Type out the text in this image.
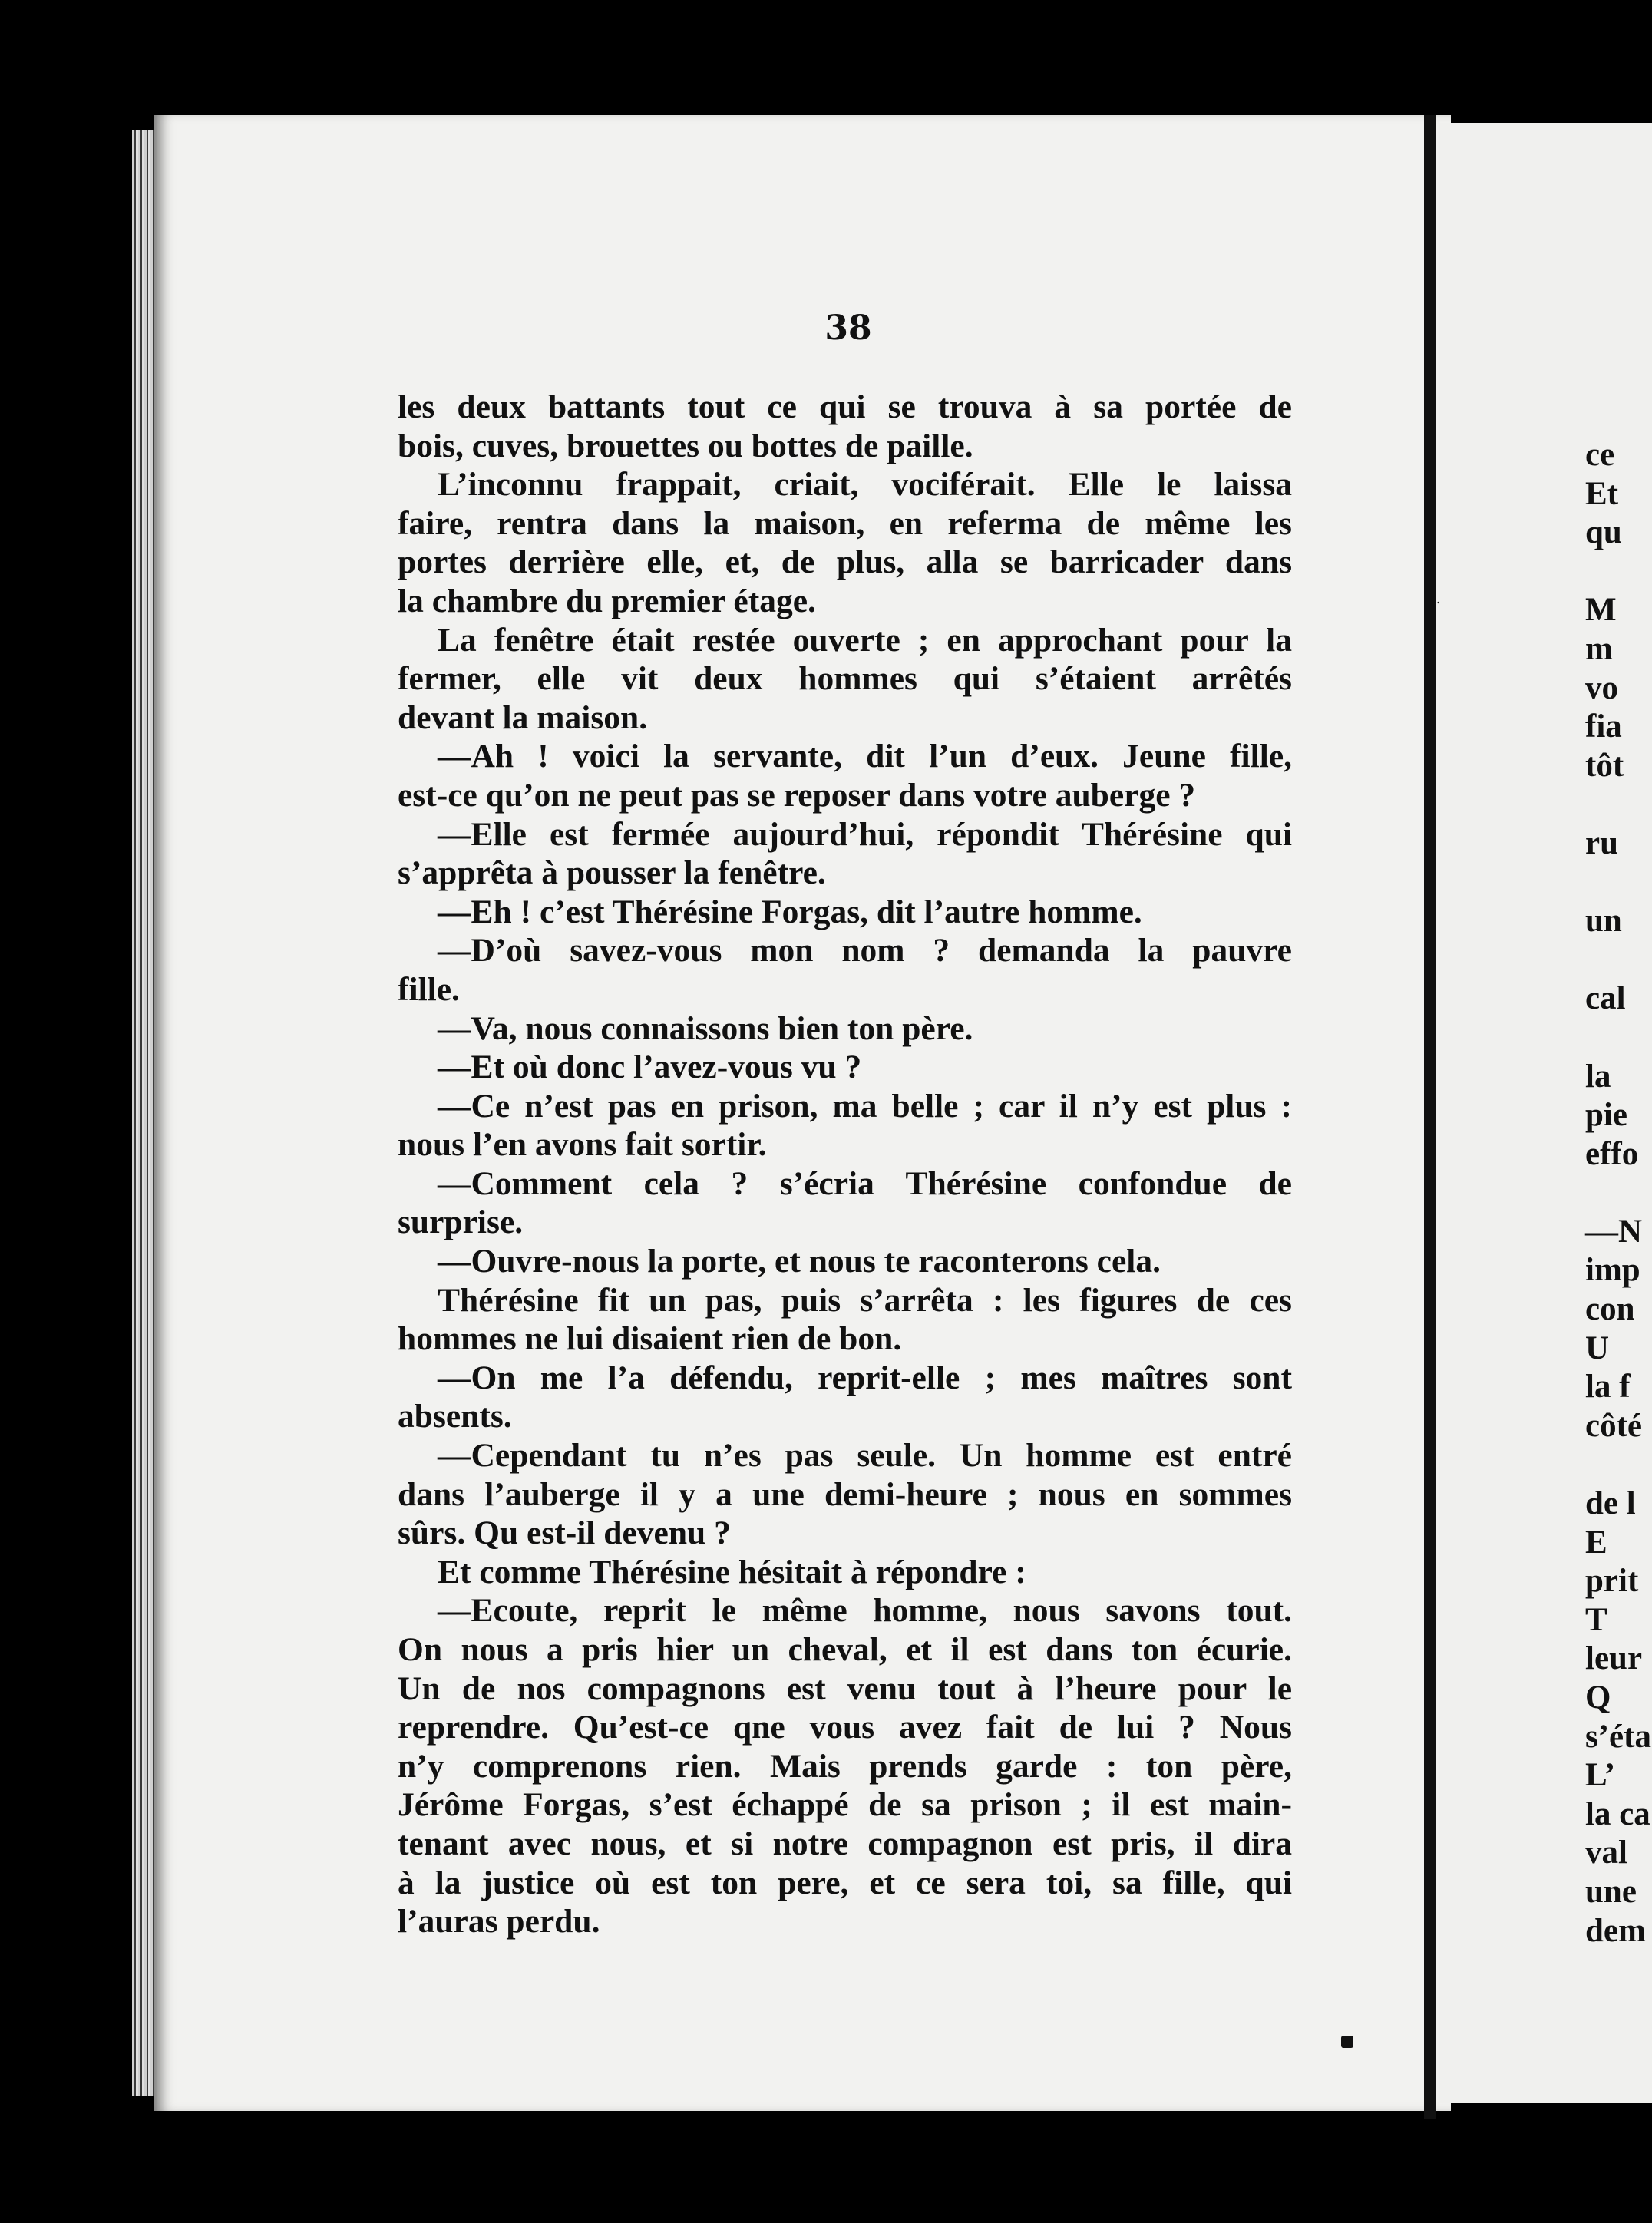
38
les deux battants tout ce qui se trouva à sa portée de
bois, cuves, brouettes ou bottes de paille.
L’inconnu frappait, criait, vociférait. Elle le laissa
faire, rentra dans la maison, en referma de même les
portes derrière elle, et, de plus, alla se barricader dans
la chambre du premier étage.
La fenêtre était restée ouverte ; en approchant pour la
fermer, elle vit deux hommes qui s’étaient arrêtés
devant la maison.
—Ah ! voici la servante, dit l’un d’eux. Jeune fille,
est-ce qu’on ne peut pas se reposer dans votre auberge ?
—Elle est fermée aujourd’hui, répondit Thérésine qui
s’apprêta à pousser la fenêtre.
—Eh ! c’est Thérésine Forgas, dit l’autre homme.
—D’où savez-vous mon nom ? demanda la pauvre
fille.
—Va, nous connaissons bien ton père.
—Et où donc l’avez-vous vu ?
—Ce n’est pas en prison, ma belle ; car il n’y est plus :
nous l’en avons fait sortir.
—Comment cela ? s’écria Thérésine confondue de
surprise.
—Ouvre-nous la porte, et nous te raconterons cela.
Thérésine fit un pas, puis s’arrêta : les figures de ces
hommes ne lui disaient rien de bon.
—On me l’a défendu, reprit-elle ; mes maîtres sont
absents.
—Cependant tu n’es pas seule. Un homme est entré
dans l’auberge il y a une demi-heure ; nous en sommes
sûrs. Qu est-il devenu ?
Et comme Thérésine hésitait à répondre :
—Ecoute, reprit le même homme, nous savons tout.
On nous a pris hier un cheval, et il est dans ton écurie.
Un de nos compagnons est venu tout à l’heure pour le
reprendre. Qu’est-ce qne vous avez fait de lui ? Nous
n’y comprenons rien. Mais prends garde : ton père,
Jérôme Forgas, s’est échappé de sa prison ; il est main-
tenant avec nous, et si notre compagnon est pris, il dira
à la justice où est ton pere, et ce sera toi, sa fille, qui
l’auras perdu.
ce
Et
qu
M
m
vo
fia
tôt
ru
un
cal
la
pie
effo
—N
imp
con
U
la f
côté
de l
E
prit
T
leur
Q
s’éta
L’
la ca
val
une
dem
